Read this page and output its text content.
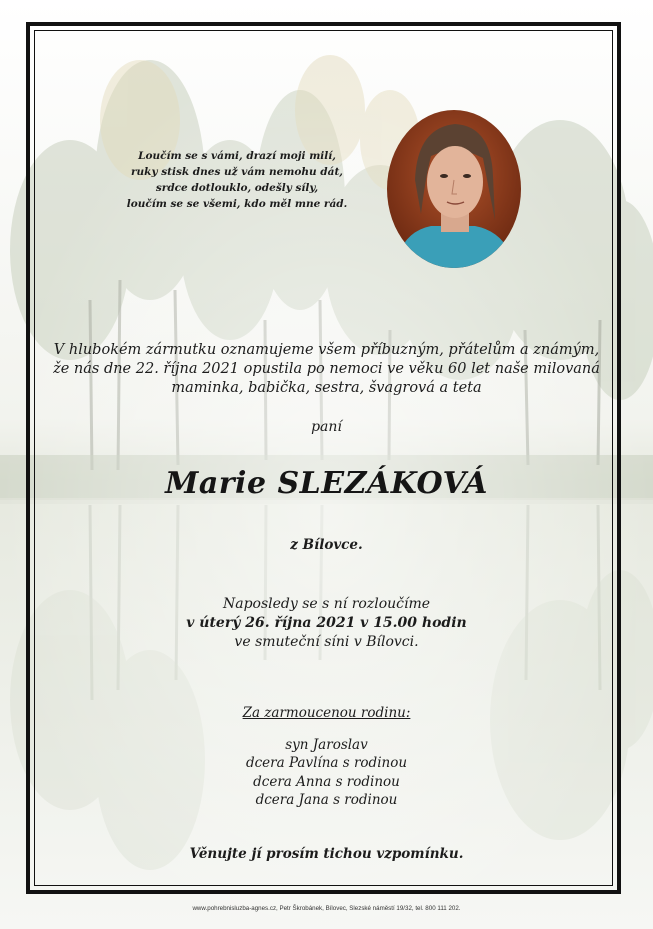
Loučím se s vámi, drazí moji milí,
ruky stisk dnes už vám nemohu dát,
srdce dotlouklo, odešly síly,
loučím se se všemi, kdo měl mne rád.
V hlubokém zármutku oznamujeme všem příbuzným, přátelům a známým,
že nás dne 22. října 2021 opustila po nemoci ve věku 60 let naše milovaná
maminka, babička, sestra, švagrová a teta
paní
Marie SLEZÁKOVÁ
z Bílovce.
Naposledy se s ní rozloučíme
v úterý 26. října 2021 v 15.00 hodin
ve smuteční síni v Bílovci.
Za zarmoucenou rodinu:
syn Jaroslav
dcera Pavlína s rodinou
dcera Anna s rodinou
dcera Jana s rodinou
Věnujte jí prosím tichou vzpomínku.
www.pohrebnisluzba-agnes.cz, Petr Škrobánek, Bílovec, Slezské náměstí 19/32, tel. 800 111 202.
